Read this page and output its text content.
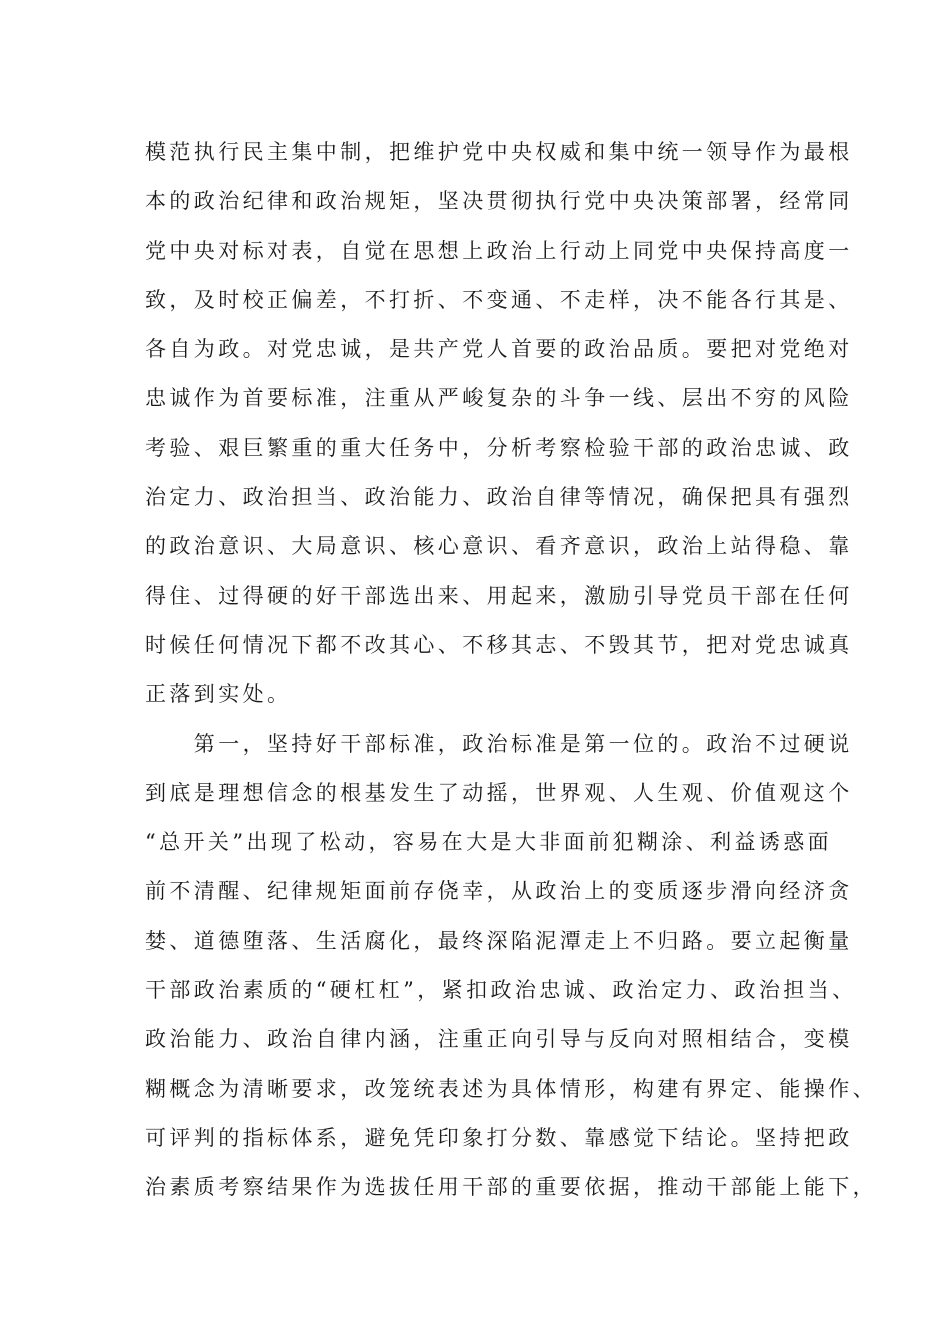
模范执行民主集中制，把维护党中央权威和集中统一领导作为最根
本的政治纪律和政治规矩，坚决贯彻执行党中央决策部署，经常同
党中央对标对表，自觉在思想上政治上行动上同党中央保持高度一
致，及时校正偏差，不打折、不变通、不走样，决不能各行其是、
各自为政。对党忠诚，是共产党人首要的政治品质。要把对党绝对
忠诚作为首要标准，注重从严峻复杂的斗争一线、层出不穷的风险
考验、艰巨繁重的重大任务中，分析考察检验干部的政治忠诚、政
治定力、政治担当、政治能力、政治自律等情况，确保把具有强烈
的政治意识、大局意识、核心意识、看齐意识，政治上站得稳、靠
得住、过得硬的好干部选出来、用起来，激励引导党员干部在任何
时候任何情况下都不改其心、不移其志、不毁其节，把对党忠诚真
正落到实处。
　　第一，坚持好干部标准，政治标准是第一位的。政治不过硬说
到底是理想信念的根基发生了动摇，世界观、人生观、价值观这个
“总开关”出现了松动，容易在大是大非面前犯糊涂、利益诱惑面
前不清醒、纪律规矩面前存侥幸，从政治上的变质逐步滑向经济贪
婪、道德堕落、生活腐化，最终深陷泥潭走上不归路。要立起衡量
干部政治素质的“硬杠杠”，紧扣政治忠诚、政治定力、政治担当、
政治能力、政治自律内涵，注重正向引导与反向对照相结合，变模
糊概念为清晰要求，改笼统表述为具体情形，构建有界定、能操作、
可评判的指标体系，避免凭印象打分数、靠感觉下结论。坚持把政
治素质考察结果作为选拔任用干部的重要依据，推动干部能上能下，
